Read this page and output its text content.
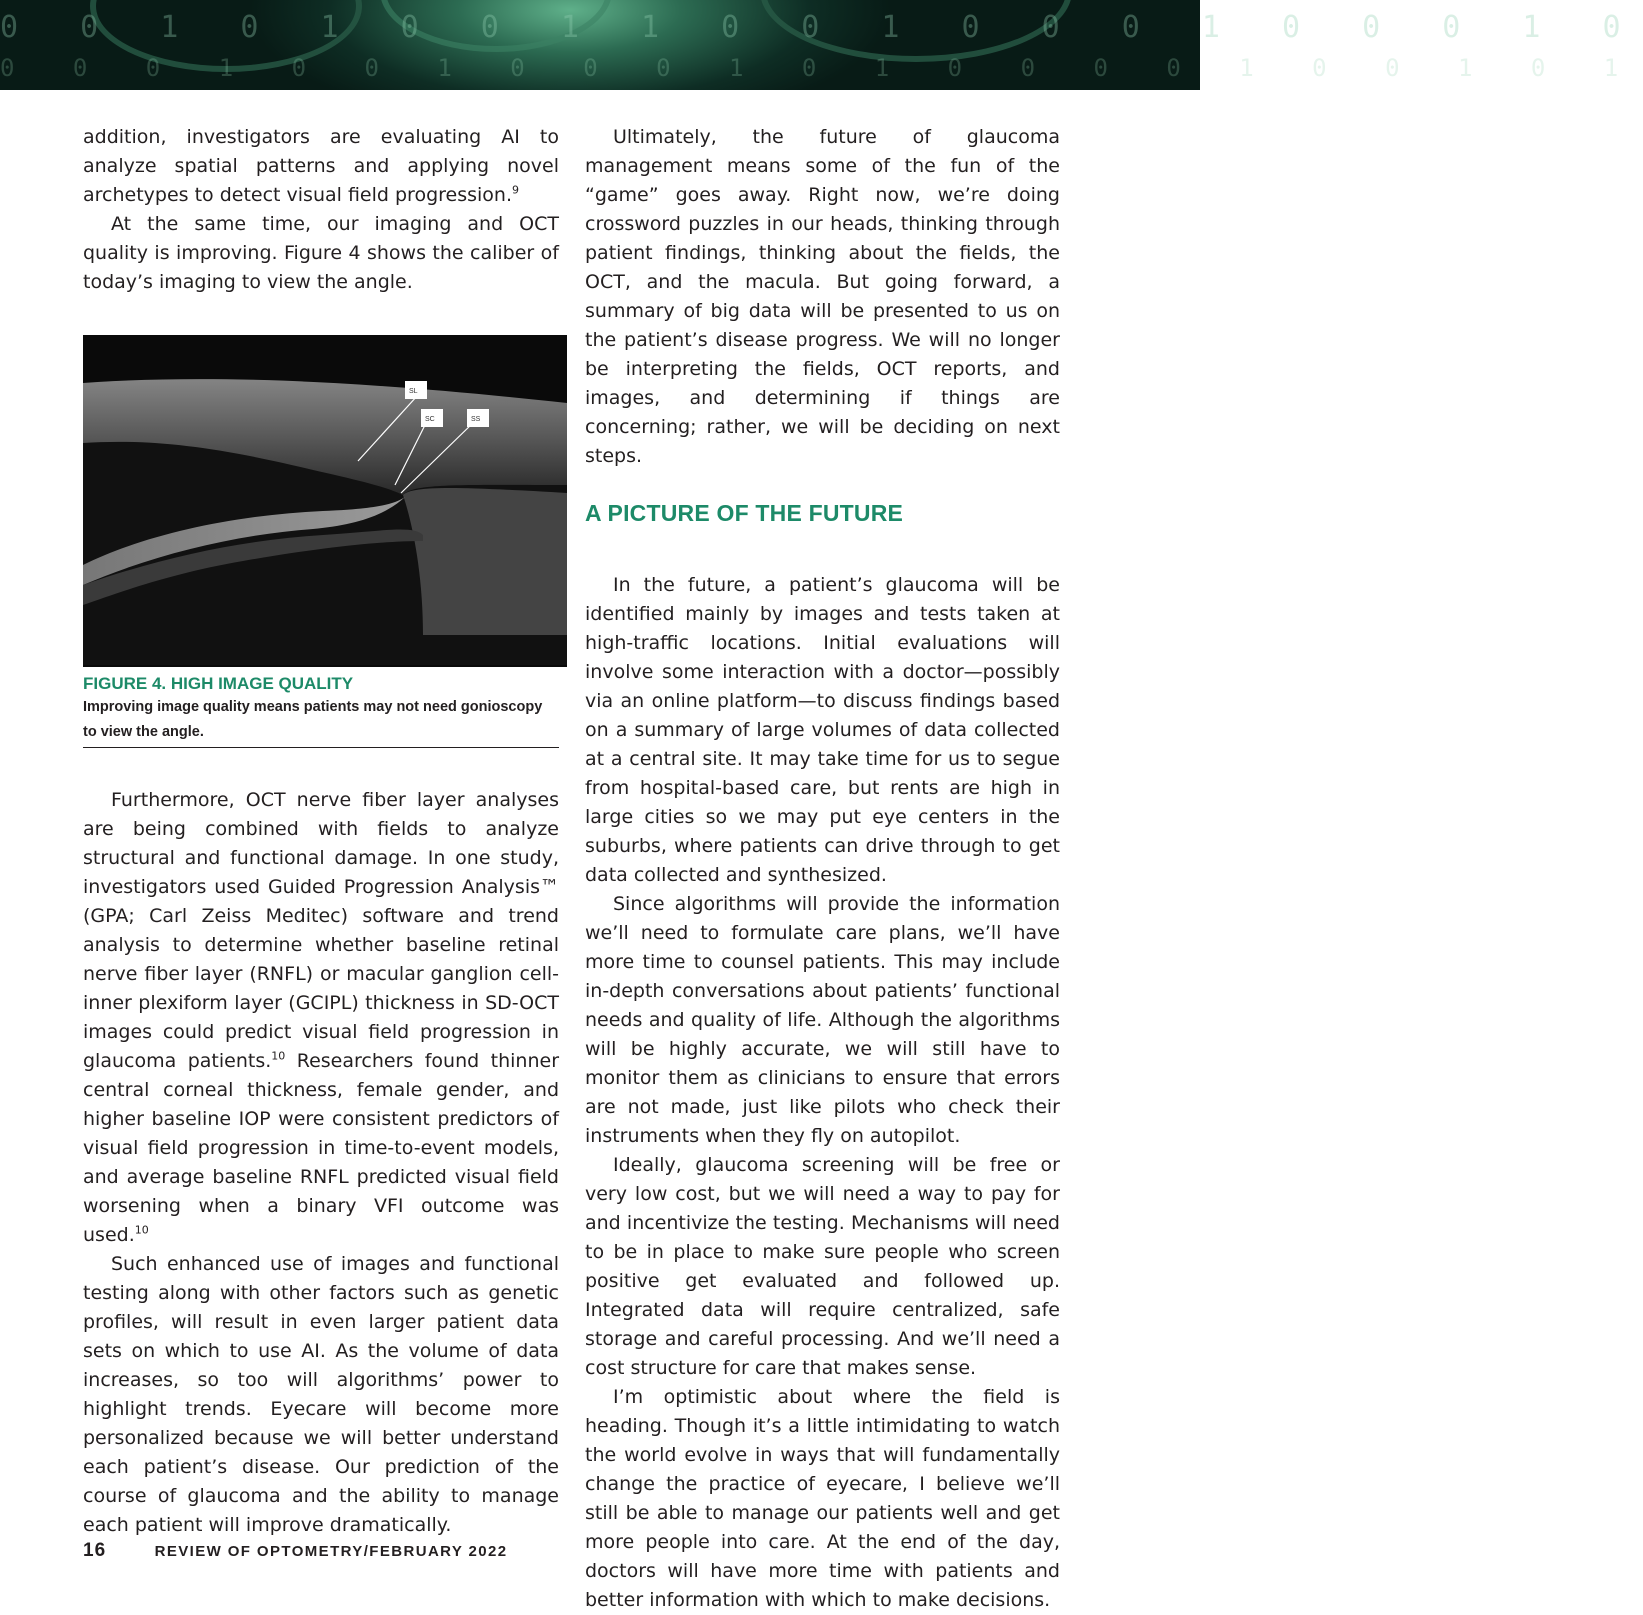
0 0 1 0 1 0 0 1 1 0 0 1 0 0 0 1 0 0 0 1 0
0 0 0 1 0 0 1 0 0 0 1 0 1 0 0 0 0 1 0 0 1 0 1

addition, investigators are evaluating AI to analyze spatial patterns and applying novel archetypes to detect visual field progression.$^9$

At the same time, our imaging and OCT quality is improving. Figure 4 shows the caliber of today’s imaging to view the angle.

SL
SC	SS
FIGURE 4. HIGH IMAGE QUALITY
Improving image quality means patients may not need gonioscopy to view the angle.

Furthermore, OCT nerve fiber layer analyses are being combined with fields to analyze structural and functional damage. In one study, investigators used Guided Progression Analysis™ (GPA; Carl Zeiss Meditec) software and trend analysis to determine whether baseline retinal nerve fiber layer (RNFL) or macular ganglion cell-inner plexiform layer (GCIPL) thickness in SD-OCT images could predict visual field progression in glaucoma patients.$^{10}$ Researchers found thinner central corneal thickness, female gender, and higher baseline IOP were consistent predictors of visual field progression in time-to-event models, and average baseline RNFL predicted visual field worsening when a binary VFI outcome was used.$^{10}$

Such enhanced use of images and functional testing along with other factors such as genetic profiles, will result in even larger patient data sets on which to use AI. As the volume of data increases, so too will algorithms’ power to highlight trends. Eyecare will become more personalized because we will better understand each patient’s disease. Our prediction of the course of glaucoma and the ability to manage each patient will improve dramatically.

Ultimately, the future of glaucoma management means some of the fun of the “game” goes away. Right now, we’re doing crossword puzzles in our heads, thinking through patient findings, thinking about the fields, the OCT, and the macula. But going forward, a summary of big data will be presented to us on the patient’s disease progress. We will no longer be interpreting the fields, OCT reports, and images, and determining if things are concerning; rather, we will be deciding on next steps.

A PICTURE OF THE FUTURE

In the future, a patient’s glaucoma will be identified mainly by images and tests taken at high-traffic locations. Initial evaluations will involve some interaction with a doctor—possibly via an online platform—to discuss findings based on a summary of large volumes of data collected at a central site. It may take time for us to segue from hospital-based care, but rents are high in large cities so we may put eye centers in the suburbs, where patients can drive through to get data collected and synthesized.

Since algorithms will provide the information we’ll need to formulate care plans, we’ll have more time to counsel patients. This may include in-depth conversations about patients’ functional needs and quality of life. Although the algorithms will be highly accurate, we will still have to monitor them as clinicians to ensure that errors are not made, just like pilots who check their instruments when they fly on autopilot.

Ideally, glaucoma screening will be free or very low cost, but we will need a way to pay for and incentivize the testing. Mechanisms will need to be in place to make sure people who screen positive get evaluated and followed up. Integrated data will require centralized, safe storage and careful processing. And we’ll need a cost structure for care that makes sense.

I’m optimistic about where the field is heading. Though it’s a little intimidating to watch the world evolve in ways that will fundamentally change the practice of eyecare, I believe we’ll still be able to manage our patients well and get more people into care. At the end of the day, doctors will have more time with patients and better information with which to make decisions.

16	REVIEW OF OPTOMETRY/FEBRUARY 2022
